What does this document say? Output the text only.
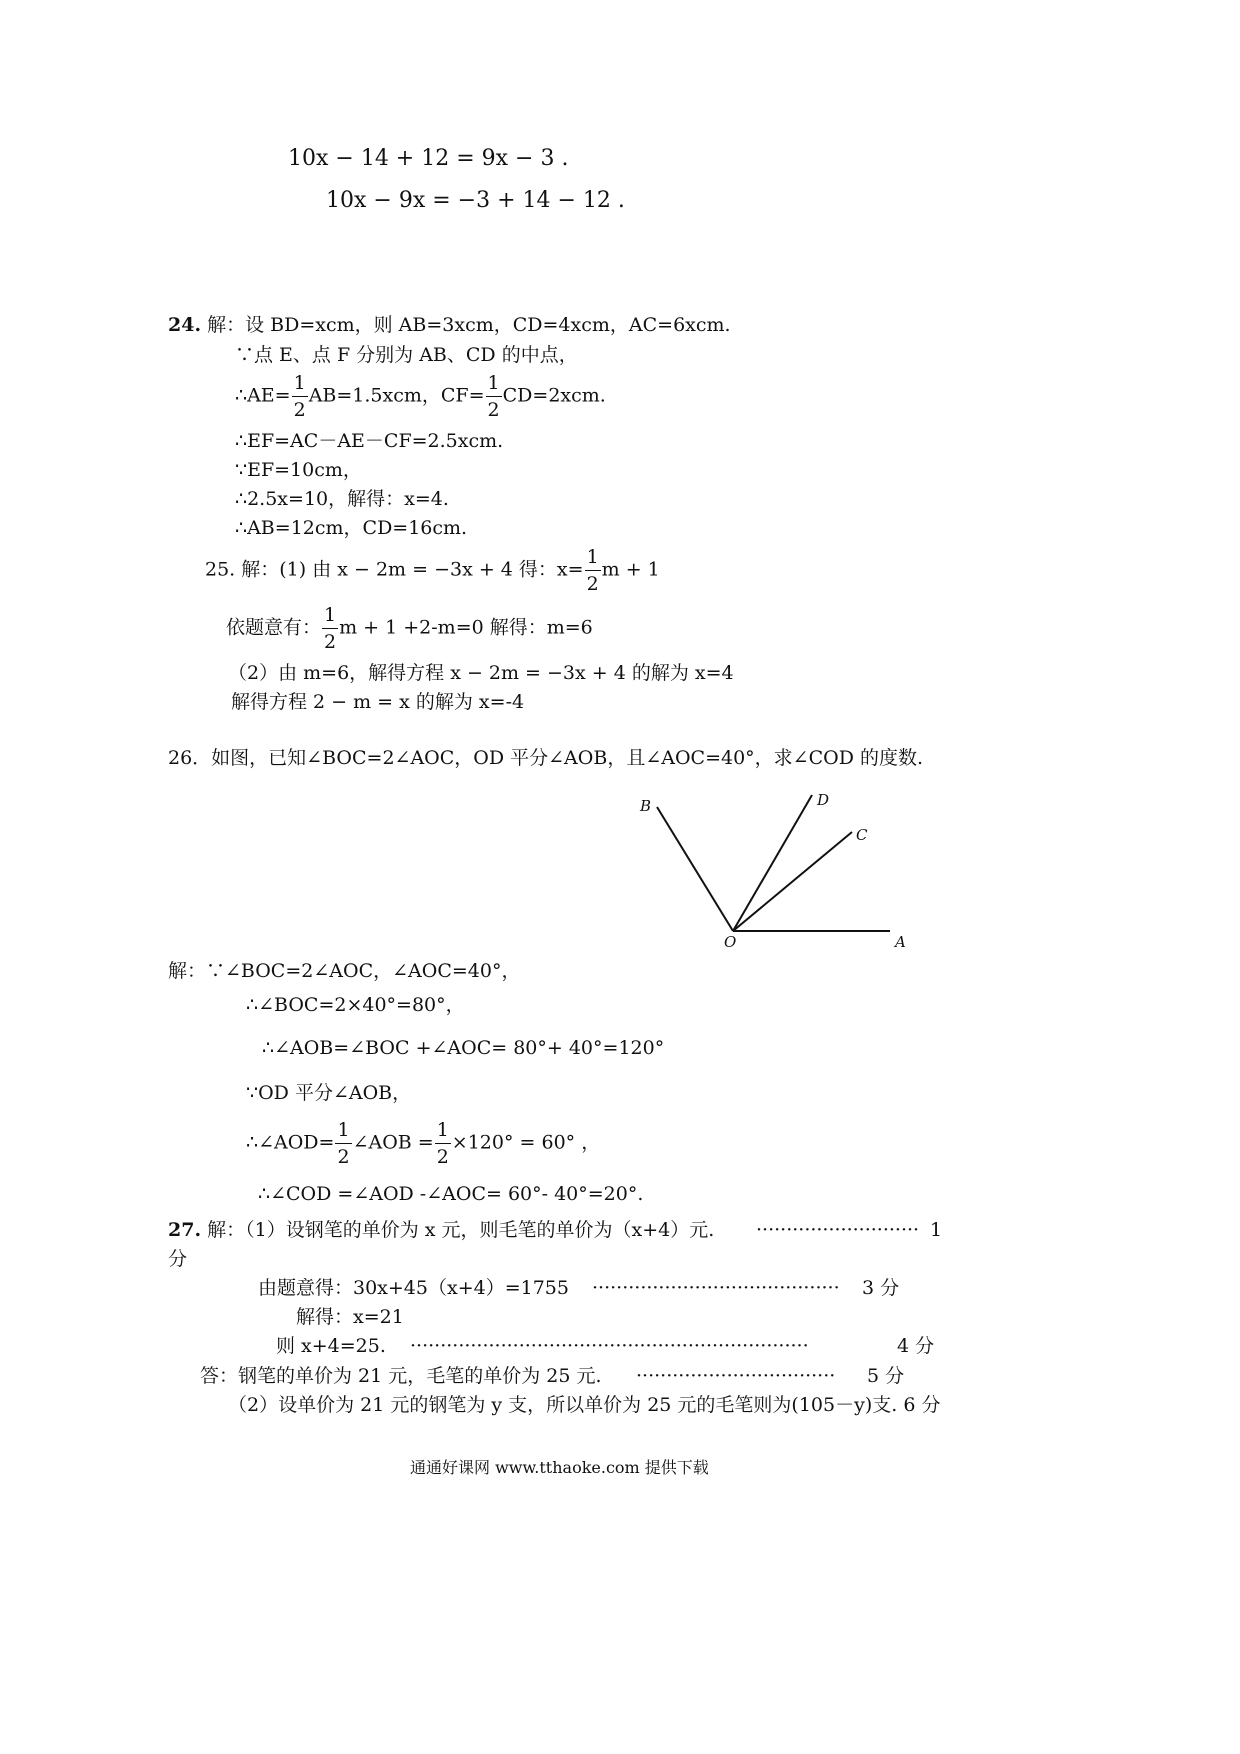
10x − 14 + 12 = 9x − 3 .
10x − 9x = −3 + 14 − 12 .
24. 解：设 BD=xcm，则 AB=3xcm，CD=4xcm，AC=6xcm.
∵点 E、点 F 分别为 AB、CD 的中点，
∴AE= $\frac{1}{2} AB=1.5xcm$，$CF= \frac{1}{2} CD=2xcm$.
∴EF=AC－AE－CF=2.5xcm.
∵EF=10cm，
∴2.5x=10，解得：x=4.
∴AB=12cm，CD=16cm.
25. 解：(1) 由 x − 2m = −3x + 4 得：$x= \frac{1}{2}$ m + 1
依题意有： $\frac{1}{2}$ m + 1 +2-m=0 解得：m=6
（2）由 m=6，解得方程 x − 2m = −3x + 4 的解为 x=4
解得方程 2 − m = x 的解为 x=-4
26．如图，已知∠BOC=2∠AOC，OD 平分∠AOB，且∠AOC=40°，求∠COD 的度数.
B	D
C
O	A
解：∵∠BOC=2∠AOC，∠AOC=40°，
∴∠BOC=2×40°=80°，
∴∠AOB=∠BOC +∠AOC= 80°+ 40°=120°
∵OD 平分∠AOB，
∴∠AOD= $\frac{1}{2}$ ∠AOB = $\frac{1}{2} \times 120^\circ = 60^\circ$ ，
∴∠COD =∠AOD -∠AOC= 60°- 40°=20°.
27. 解：（1）设钢笔的单价为 x 元，则毛笔的单价为（x+4）元. ··························· 1
分
由题意得：30x+45（x+4）=1755 ········································· 3 分
解得：x=21
则 x+4=25. ··································································	4 分
答：钢笔的单价为 21 元，毛笔的单价为 25 元. ································· 5 分
（2）设单价为 21 元的钢笔为 y 支，所以单价为 25 元的毛笔则为(105－y)支. 6 分
通通好课网 www.tthaoke.com 提供下载
